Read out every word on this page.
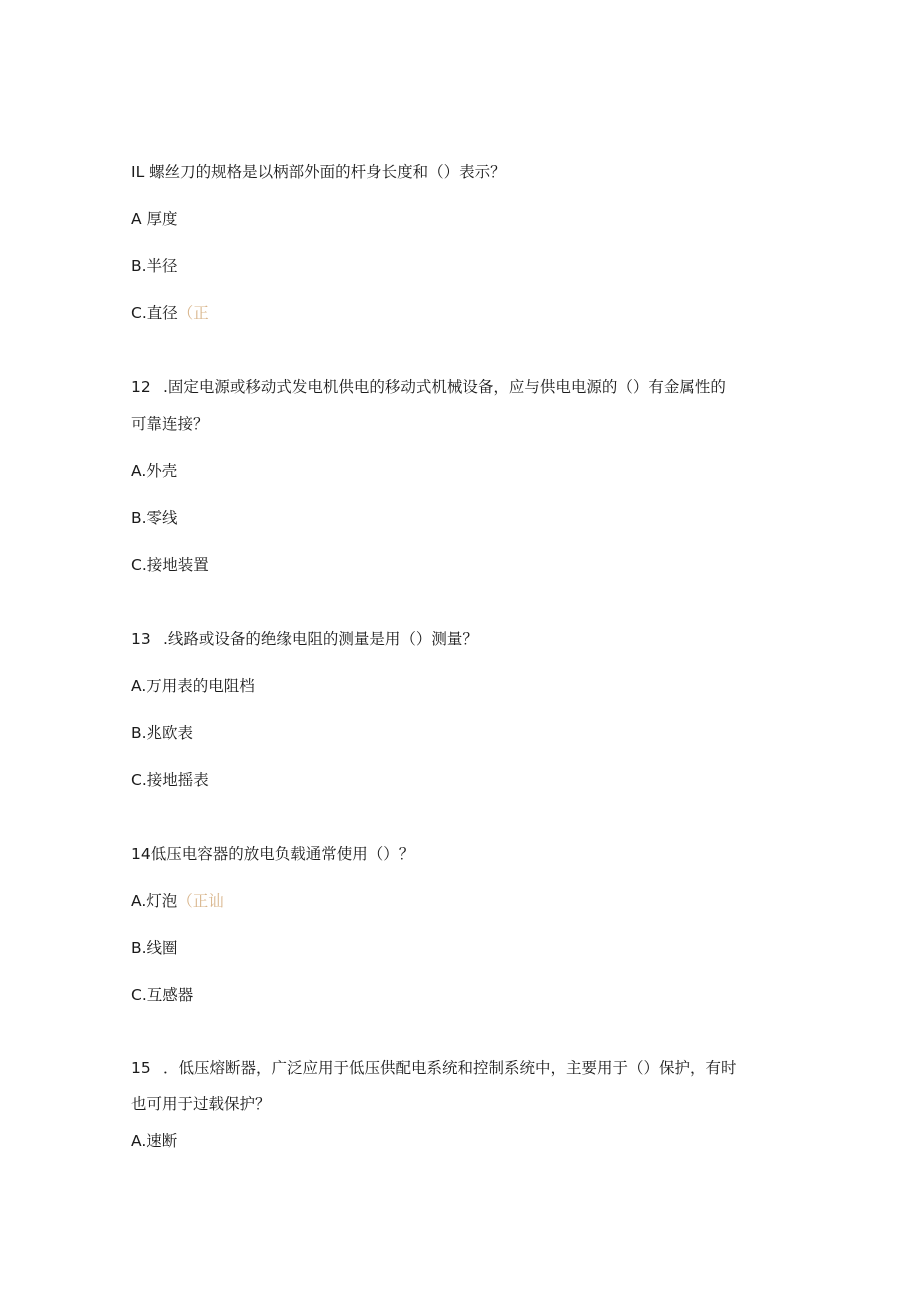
IL 螺丝刀的规格是以柄部外面的杆身长度和（）表示？
A 厚度
B.半径
C.直径（正
12 .固定电源或移动式发电机供电的移动式机械设备，应与供电电源的（）有金属性的
可靠连接？
A.外壳
B.零线
C.接地装置
13 .线路或设备的绝缘电阻的测量是用（）测量？
A.万用表的电阻档
B.兆欧表
C.接地摇表
14低压电容器的放电负载通常使用（）？
A.灯泡（正讪
B.线圈
C.互感器
15 ．低压熔断器，广泛应用于低压供配电系统和控制系统中，主要用于（）保护，有时
也可用于过载保护？
A.速断
